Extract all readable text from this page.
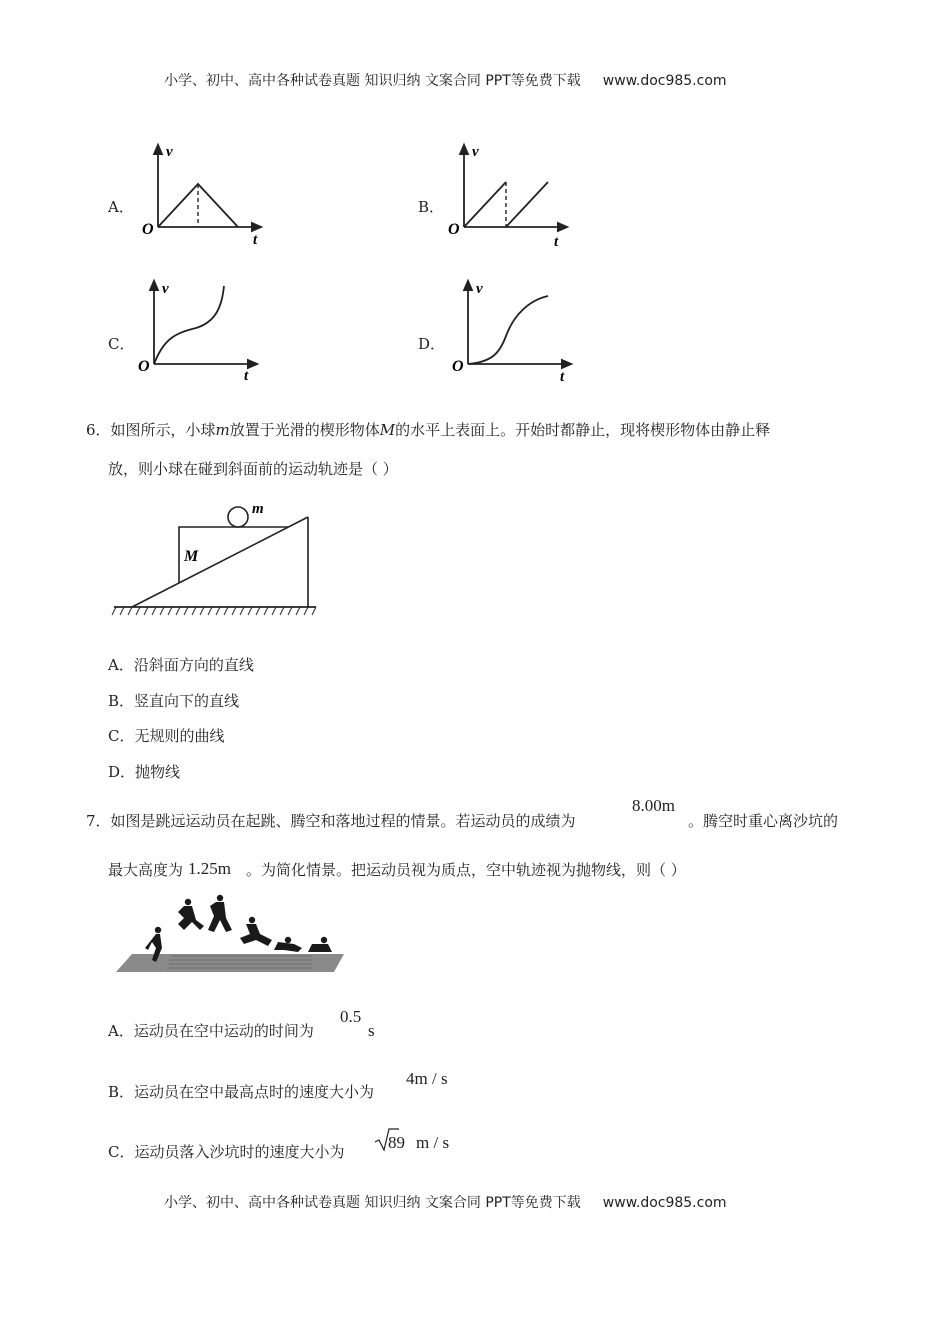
小学、初中、高中各种试卷真题 知识归纳 文案合同 PPT等免费下载 www.doc985.com
A．
v
t
O
B．
v
t
O
C．
v
t
O
D．
v
t
O
6．如图所示，小球m放置于光滑的楔形物体M的水平上表面上。开始时都静止，现将楔形物体由静止释
放，则小球在碰到斜面前的运动轨迹是（ ）
m
M
A．沿斜面方向的直线
B．竖直向下的直线
C．无规则的曲线
D．抛物线
7．如图是跳远运动员在起跳、腾空和落地过程的情景。若运动员的成绩为
8.00m
。腾空时重心离沙坑的
最大高度为 1.25m 。为简化情景。把运动员视为质点，空中轨迹视为抛物线，则（ ）
A．运动员在空中运动的时间为
0.5
s
B．运动员在空中最高点时的速度大小为
4m / s
C．运动员落入沙坑时的速度大小为	89 m / s
小学、初中、高中各种试卷真题 知识归纳 文案合同 PPT等免费下载 www.doc985.com
